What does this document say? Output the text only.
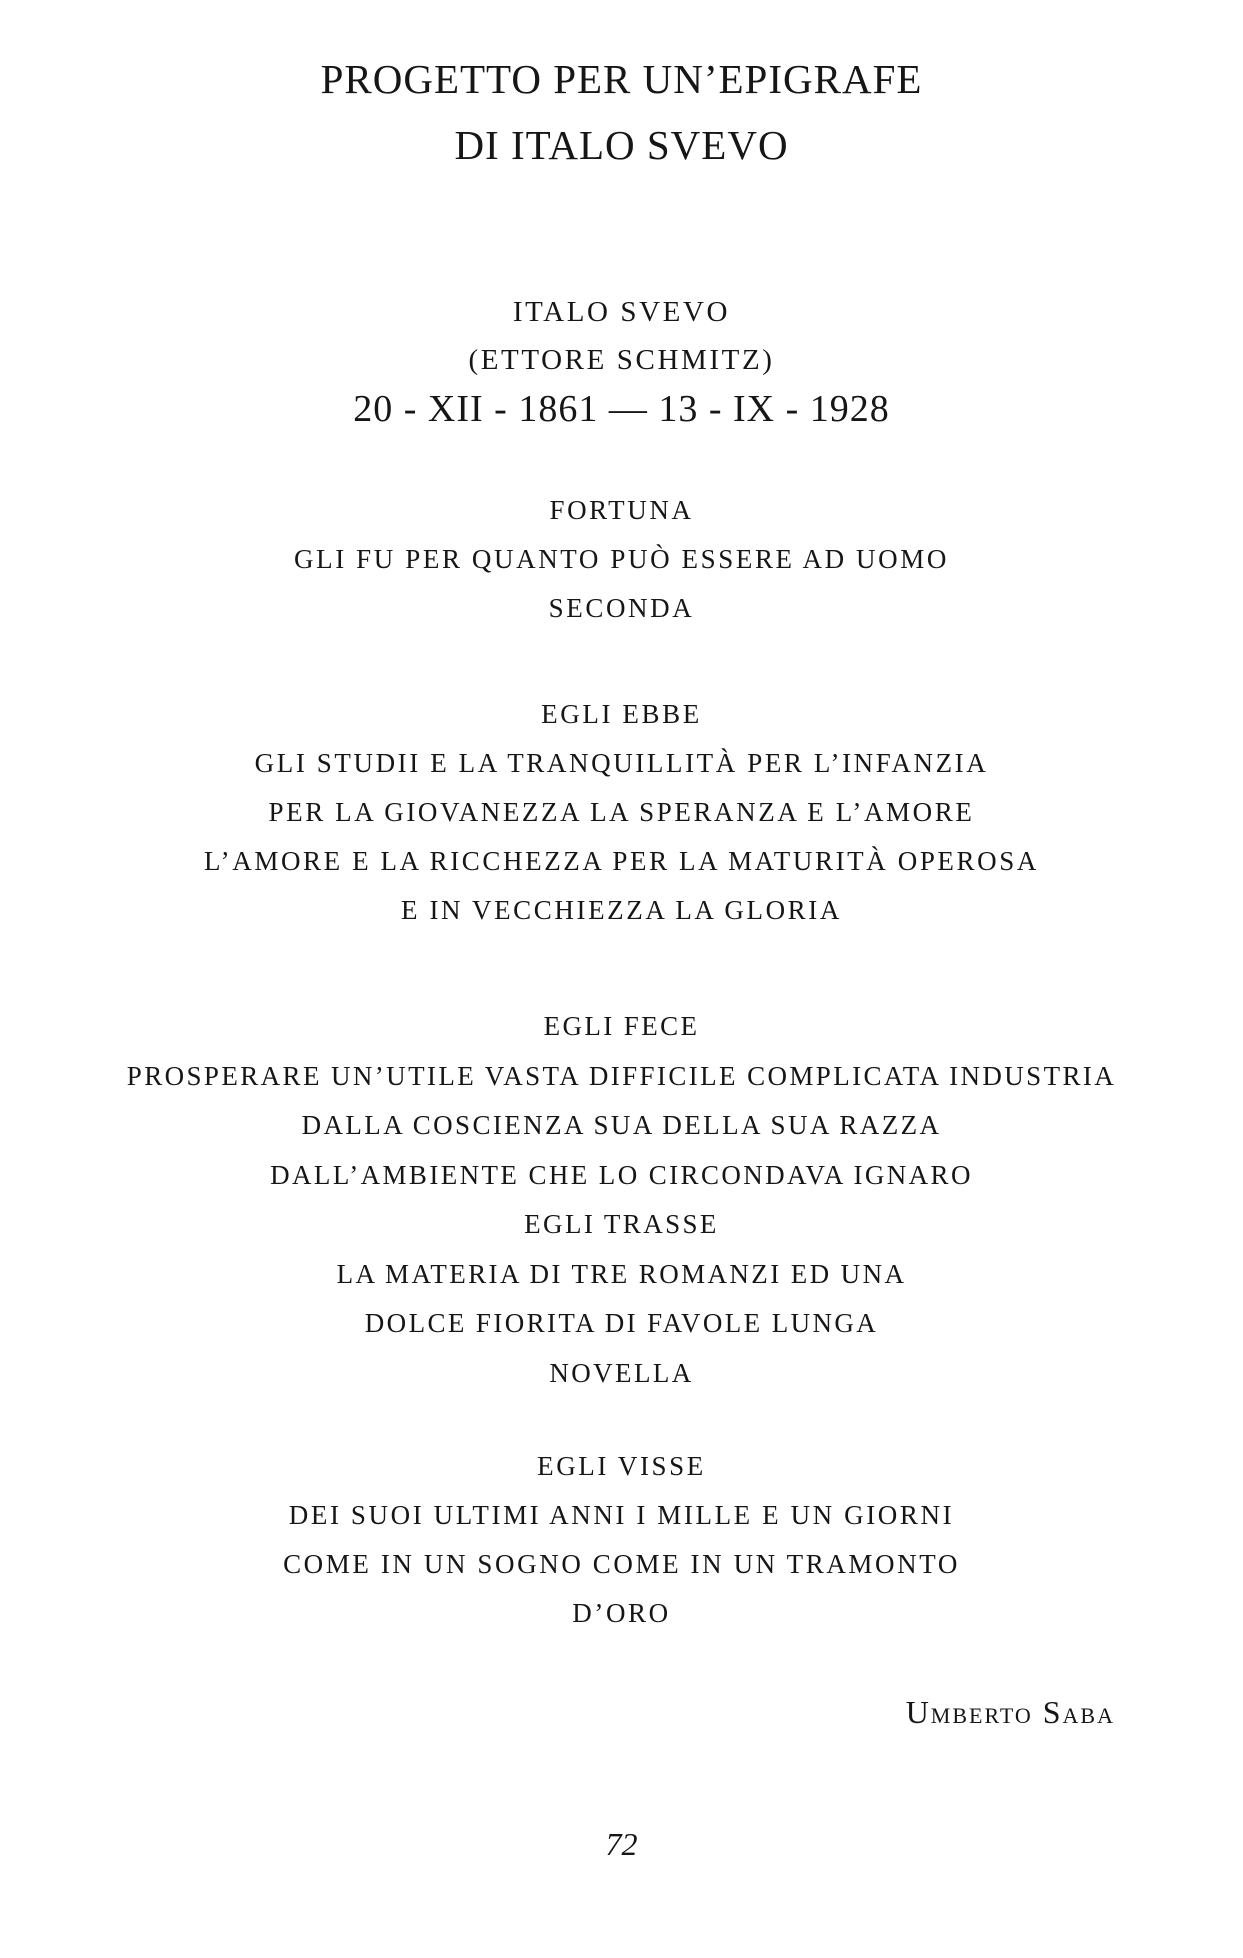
PROGETTO PER UN’EPIGRAFE
DI ITALO SVEVO
ITALO SVEVO
(ETTORE SCHMITZ)
20 - XII - 1861 — 13 - IX - 1928
FORTUNA
GLI FU PER QUANTO PUÒ ESSERE AD UOMO
SECONDA
EGLI EBBE
GLI STUDII E LA TRANQUILLITÀ PER L’INFANZIA
PER LA GIOVANEZZA LA SPERANZA E L’AMORE
L’AMORE E LA RICCHEZZA PER LA MATURITÀ OPEROSA
E IN VECCHIEZZA LA GLORIA
EGLI FECE
PROSPERARE UN’UTILE VASTA DIFFICILE COMPLICATA INDUSTRIA
DALLA COSCIENZA SUA DELLA SUA RAZZA
DALL’AMBIENTE CHE LO CIRCONDAVA IGNARO
EGLI TRASSE
LA MATERIA DI TRE ROMANZI ED UNA
DOLCE FIORITA DI FAVOLE LUNGA
NOVELLA
EGLI VISSE
DEI SUOI ULTIMI ANNI I MILLE E UN GIORNI
COME IN UN SOGNO COME IN UN TRAMONTO
D’ORO
Umberto Saba
72
